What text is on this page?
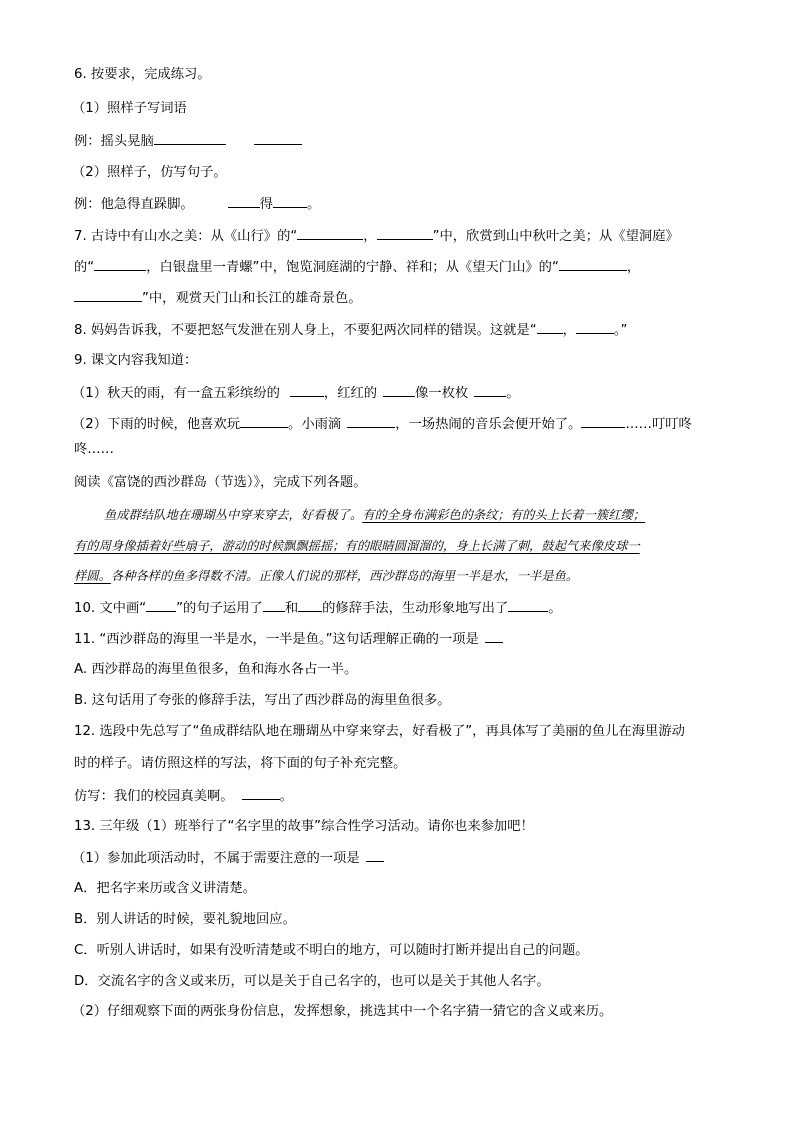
6. 按要求，完成练习。
（1）照样子写词语
例：摇头晃脑
（2）照样子，仿写句子。
例：他急得直跺脚。	得	。
7. 古诗中有山水之美：从《山行》的“	，	”中，欣赏到山中秋叶之美；从《望洞庭》
的“	，白银盘里一青螺”中，饱览洞庭湖的宁静、祥和；从《望天门山》的“	，
”中，观赏天门山和长江的雄奇景色。
8. 妈妈告诉我，不要把怒气发泄在别人身上，不要犯两次同样的错误。这就是“ ，	。”
9. 课文内容我知道：
（1）秋天的雨，有一盒五彩缤纷的	，红红的	像一枚枚	。
（2）下雨的时候，他喜欢玩	。小雨滴	，一场热闹的音乐会便开始了。	……叮叮咚
咚……
阅读《富饶的西沙群岛（节选）》，完成下列各题。
鱼成群结队地在珊瑚丛中穿来穿去，好看极了。有的全身布满彩色的条纹；有的头上长着一簇红缨；
有的周身像插着好些扇子，游动的时候飘飘摇摇；有的眼睛圆溜溜的，身上长满了刺，鼓起气来像皮球一
样圆。各种各样的鱼多得数不清。正像人们说的那样，西沙群岛的海里一半是水，一半是鱼。
10. 文中画“ ”的句子运用了 和 的修辞手法，生动形象地写出了	。
11. “西沙群岛的海里一半是水，一半是鱼。”这句话理解正确的一项是
A. 西沙群岛的海里鱼很多，鱼和海水各占一半。
B. 这句话用了夸张的修辞手法，写出了西沙群岛的海里鱼很多。
12. 选段中先总写了“鱼成群结队地在珊瑚丛中穿来穿去，好看极了”，再具体写了美丽的鱼儿在海里游动
时的样子。请仿照这样的写法，将下面的句子补充完整。
仿写：我们的校园真美啊。	。
13. 三年级（1）班举行了“名字里的故事”综合性学习活动。请你也来参加吧！
（1）参加此项活动时，不属于需要注意的一项是
A．把名字来历或含义讲清楚。
B．别人讲话的时候，要礼貌地回应。
C．听别人讲话时，如果有没听清楚或不明白的地方，可以随时打断并提出自己的问题。
D．交流名字的含义或来历，可以是关于自己名字的，也可以是关于其他人名字。
（2）仔细观察下面的两张身份信息，发挥想象，挑选其中一个名字猜一猜它的含义或来历。
